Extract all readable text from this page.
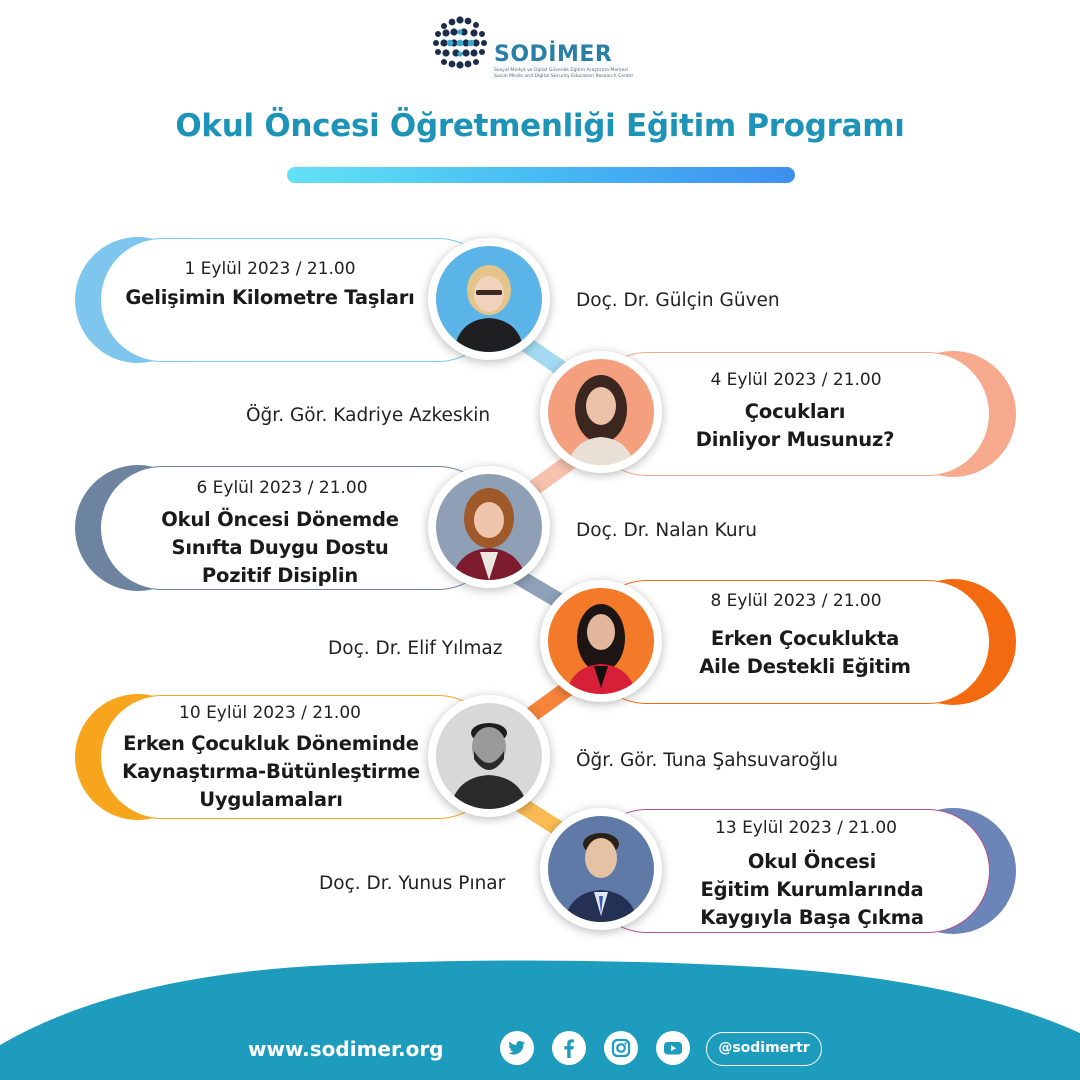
SODİMER
Sosyal Medya ve Dijital Güvenlik Eğitim Araştırma Merkezi
Social Media and Digital Security Education Research Center
Okul Öncesi Öğretmenliği Eğitim Programı
1 Eylül 2023 / 21.00
Gelişimin Kilometre Taşları	Doç. Dr. Gülçin Güven
4 Eylül 2023 / 21.00
Çocukları
Dinliyor Musunuz?
Öğr. Gör. Kadriye Azkeskin
6 Eylül 2023 / 21.00
Okul Öncesi Dönemde
Sınıfta Duygu Dostu
Pozitif Disiplin
Doç. Dr. Nalan Kuru
8 Eylül 2023 / 21.00
Erken Çocuklukta
Aile Destekli Eğitim
Doç. Dr. Elif Yılmaz
10 Eylül 2023 / 21.00
Erken Çocukluk Döneminde
Kaynaştırma-Bütünleştirme
Uygulamaları
Öğr. Gör. Tuna Şahsuvaroğlu
13 Eylül 2023 / 21.00
Okul Öncesi
Eğitim Kurumlarında
Kaygıyla Başa Çıkma
Doç. Dr. Yunus Pınar
www.sodimer.org	@sodimertr
